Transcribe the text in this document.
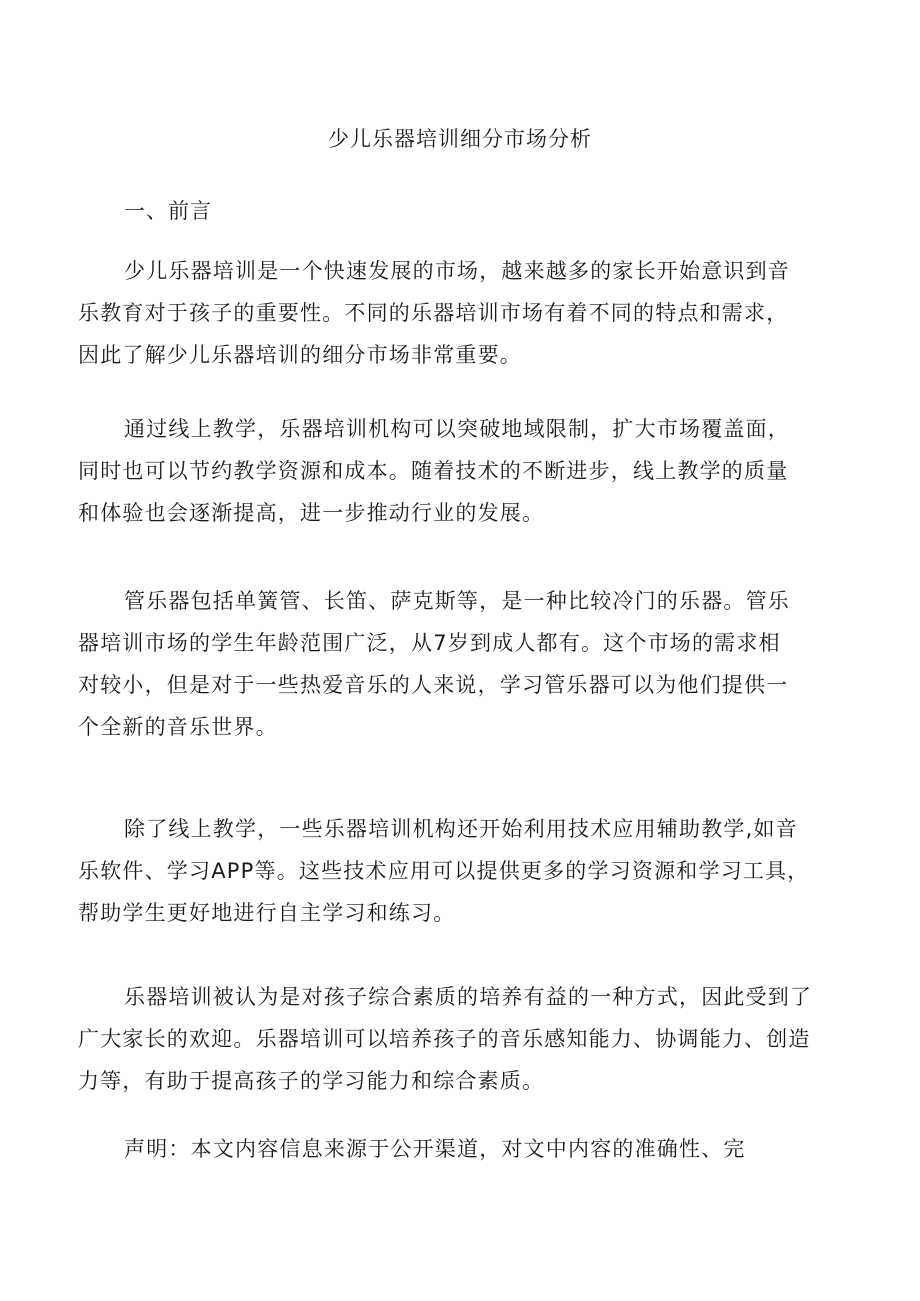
少儿乐器培训细分市场分析
一、前言
少儿乐器培训是一个快速发展的市场，越来越多的家长开始意识到音
乐教育对于孩子的重要性。不同的乐器培训市场有着不同的特点和需求，
因此了解少儿乐器培训的细分市场非常重要。
通过线上教学，乐器培训机构可以突破地域限制，扩大市场覆盖面，
同时也可以节约教学资源和成本。随着技术的不断进步，线上教学的质量
和体验也会逐渐提高，进一步推动行业的发展。
管乐器包括单簧管、长笛、萨克斯等，是一种比较冷门的乐器。管乐
器培训市场的学生年龄范围广泛，从7岁到成人都有。这个市场的需求相
对较小，但是对于一些热爱音乐的人来说，学习管乐器可以为他们提供一
个全新的音乐世界。
除了线上教学，一些乐器培训机构还开始利用技术应用辅助教学,如音
乐软件、学习APP等。这些技术应用可以提供更多的学习资源和学习工具，
帮助学生更好地进行自主学习和练习。
乐器培训被认为是对孩子综合素质的培养有益的一种方式，因此受到了
广大家长的欢迎。乐器培训可以培养孩子的音乐感知能力、协调能力、创造
力等，有助于提高孩子的学习能力和综合素质。
声明：本文内容信息来源于公开渠道，对文中内容的准确性、完
